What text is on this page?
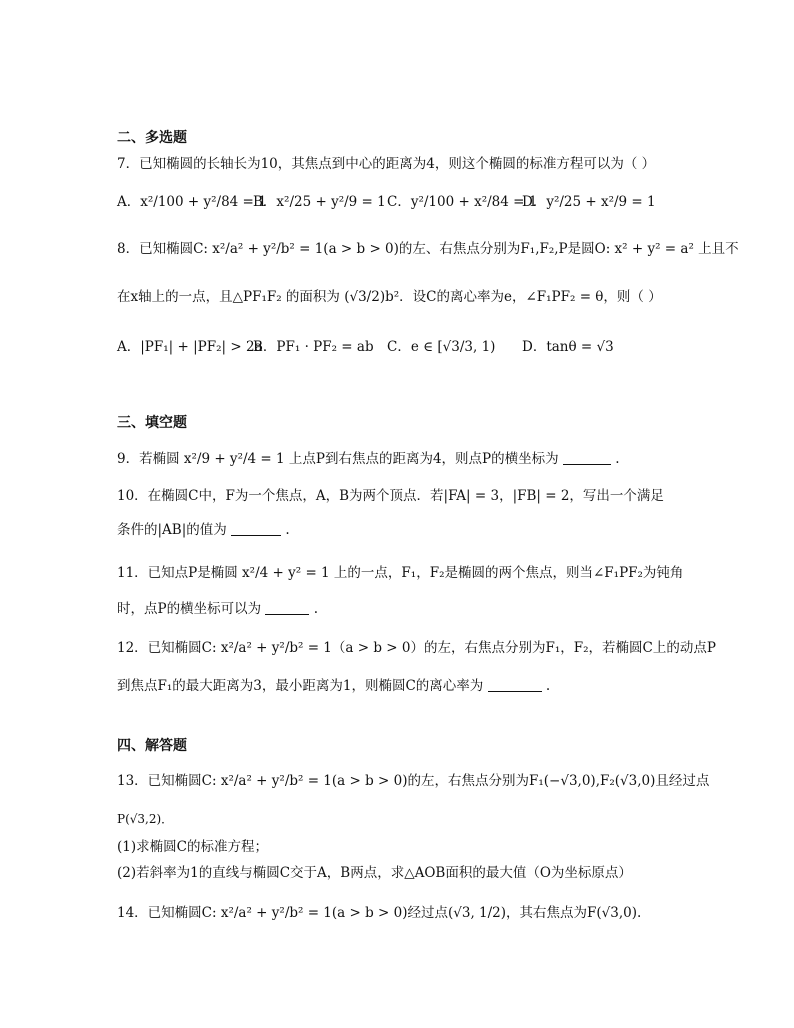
二、多选题
7．已知椭圆的长轴长为10，其焦点到中心的距离为4，则这个椭圆的标准方程可以为（ ）
A．x²/100 + y²/84 = 1
B．x²/25 + y²/9 = 1 C．y²/100 + x²/84 = 1
D．y²/25 + x²/9 = 1
8．已知椭圆C: x²/a² + y²/b² = 1(a > b > 0)的左、右焦点分别为F₁,F₂,P是圆O: x² + y² = a² 上且不
在x轴上的一点，且△PF₁F₂ 的面积为 (√3/2)b²．设C的离心率为e，∠F₁PF₂ = θ，则（ ）
A．|PF₁| + |PF₂| > 2a
B．PF₁ · PF₂ = ab C．e ∈ [√3/3, 1) D．tanθ = √3
三、填空题
9．若椭圆 x²/9 + y²/4 = 1 上点P到右焦点的距离为4，则点P的横坐标为	.
10．在椭圆C中，F为一个焦点，A，B为两个顶点．若|FA| = 3，|FB| = 2，写出一个满足
条件的|AB|的值为	.
11．已知点P是椭圆 x²/4 + y² = 1 上的一点，F₁，F₂是椭圆的两个焦点，则当∠F₁PF₂为钝角
时，点P的横坐标可以为	.
12．已知椭圆C: x²/a² + y²/b² = 1（a > b > 0）的左，右焦点分别为F₁，F₂，若椭圆C上的动点P
到焦点F₁的最大距离为3，最小距离为1，则椭圆C的离心率为	.
四、解答题
13．已知椭圆C: x²/a² + y²/b² = 1(a > b > 0)的左，右焦点分别为F₁(−√3,0),F₂(√3,0)且经过点
P(√3,2)．
(1)求椭圆C的标准方程；
(2)若斜率为1的直线与椭圆C交于A，B两点，求△AOB面积的最大值（O为坐标原点）
14．已知椭圆C: x²/a² + y²/b² = 1(a > b > 0)经过点(√3, 1/2)，其右焦点为F(√3,0).
